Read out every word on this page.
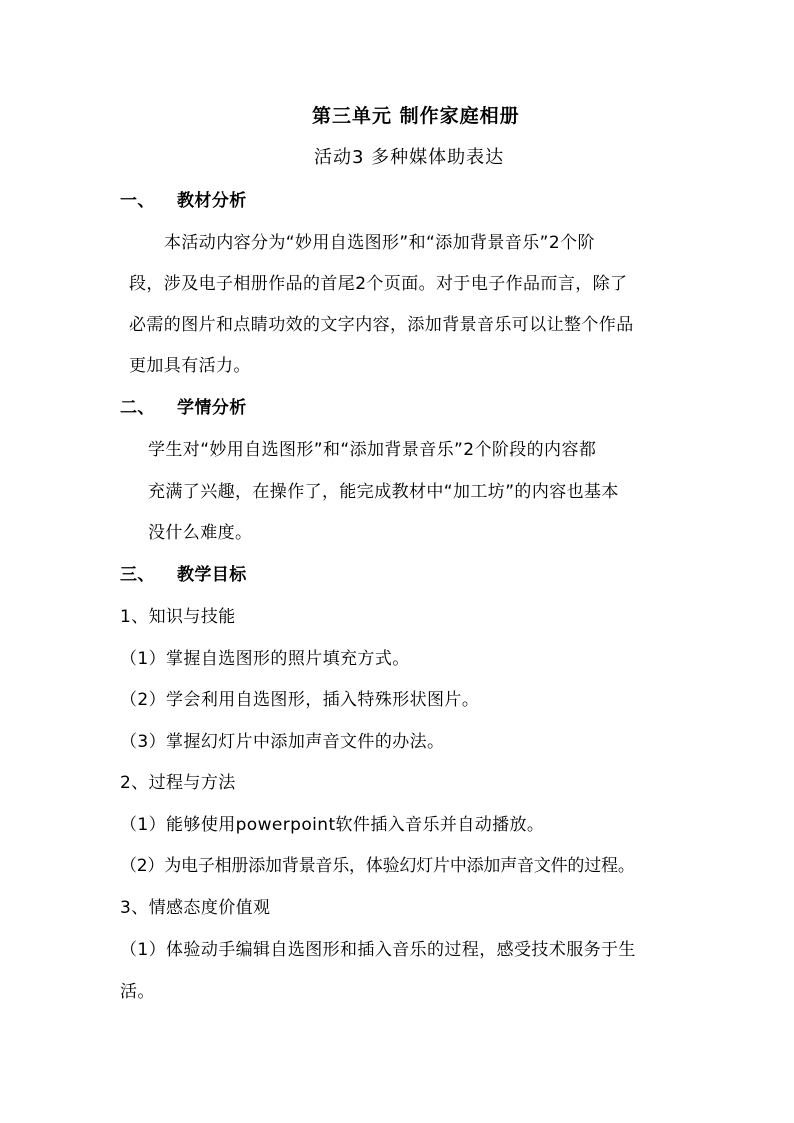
第三单元 制作家庭相册
活动3 多种媒体助表达
一、 教材分析
本活动内容分为“妙用自选图形”和“添加背景音乐”2个阶
段，涉及电子相册作品的首尾2个页面。对于电子作品而言，除了
必需的图片和点睛功效的文字内容，添加背景音乐可以让整个作品
更加具有活力。
二、 学情分析
学生对“妙用自选图形”和“添加背景音乐”2个阶段的内容都
充满了兴趣，在操作了，能完成教材中“加工坊”的内容也基本
没什么难度。
三、 教学目标
1、知识与技能
（1）掌握自选图形的照片填充方式。
（2）学会利用自选图形，插入特殊形状图片。
（3）掌握幻灯片中添加声音文件的办法。
2、过程与方法
（1）能够使用powerpoint软件插入音乐并自动播放。
（2）为电子相册添加背景音乐，体验幻灯片中添加声音文件的过程。
3、情感态度价值观
（1）体验动手编辑自选图形和插入音乐的过程，感受技术服务于生
活。
